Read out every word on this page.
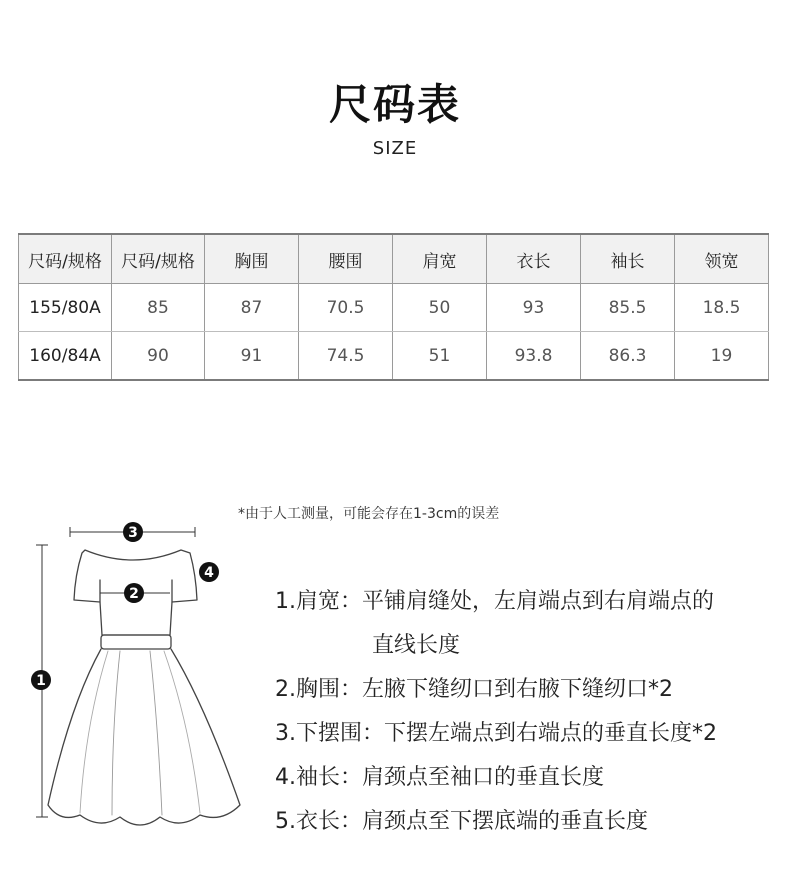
尺码表
SIZE
尺码/规格	尺码/规格	胸围	腰围	肩宽	衣长	袖长	领宽
155/80A	85	87	70.5	50	93	85.5	18.5
160/84A	90	91	74.5	51	93.8	86.3	19
*由于人工测量，可能会存在1-3cm的误差
1
2
3
4
1.肩宽：平铺肩缝处，左肩端点到右肩端点的
直线长度
2.胸围：左腋下缝纫口到右腋下缝纫口*2
3.下摆围：下摆左端点到右端点的垂直长度*2
4.袖长：肩颈点至袖口的垂直长度
5.衣长：肩颈点至下摆底端的垂直长度
